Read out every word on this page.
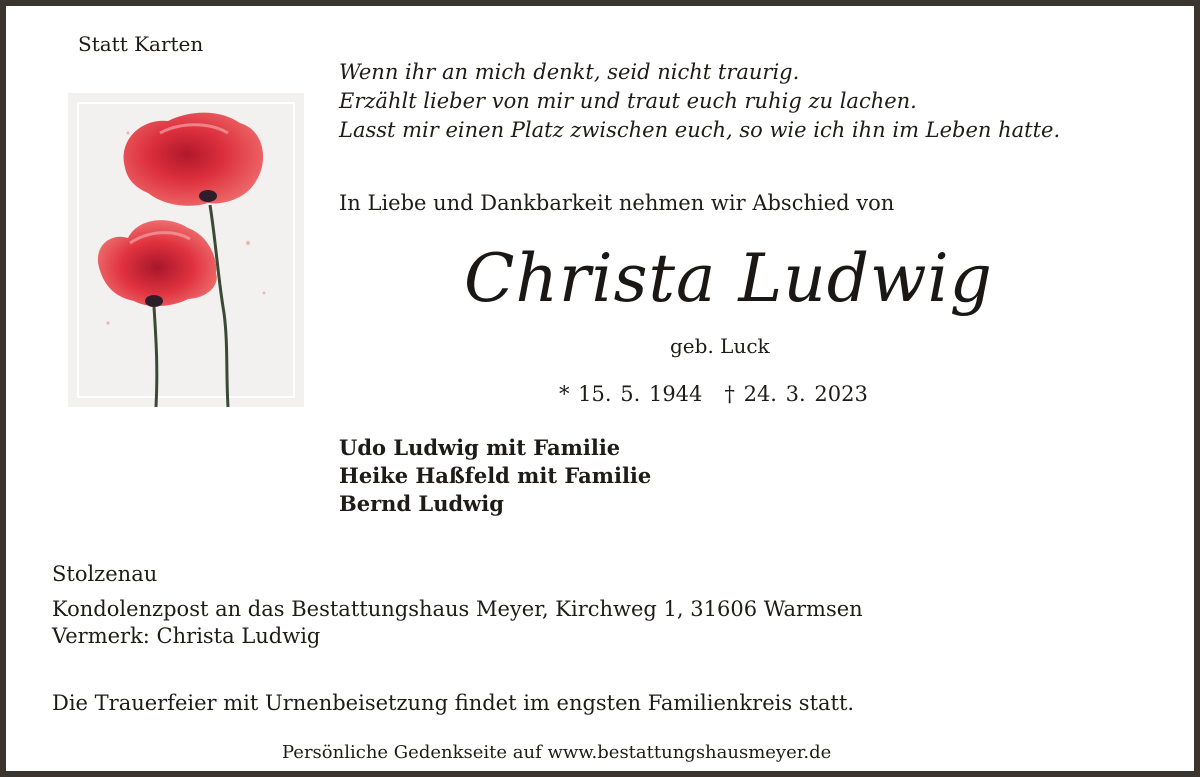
Statt Karten
Wenn ihr an mich denkt, seid nicht traurig.
Erzählt lieber von mir und traut euch ruhig zu lachen.
Lasst mir einen Platz zwischen euch, so wie ich ihn im Leben hatte.
In Liebe und Dankbarkeit nehmen wir Abschied von
Christa Ludwig
geb. Luck
* 15. 5. 1944 † 24. 3. 2023
Udo Ludwig mit Familie
Heike Haßfeld mit Familie
Bernd Ludwig
Stolzenau
Kondolenzpost an das Bestattungshaus Meyer, Kirchweg 1, 31606 Warmsen
Vermerk: Christa Ludwig
Die Trauerfeier mit Urnenbeisetzung findet im engsten Familienkreis statt.
Persönliche Gedenkseite auf www.bestattungshausmeyer.de
